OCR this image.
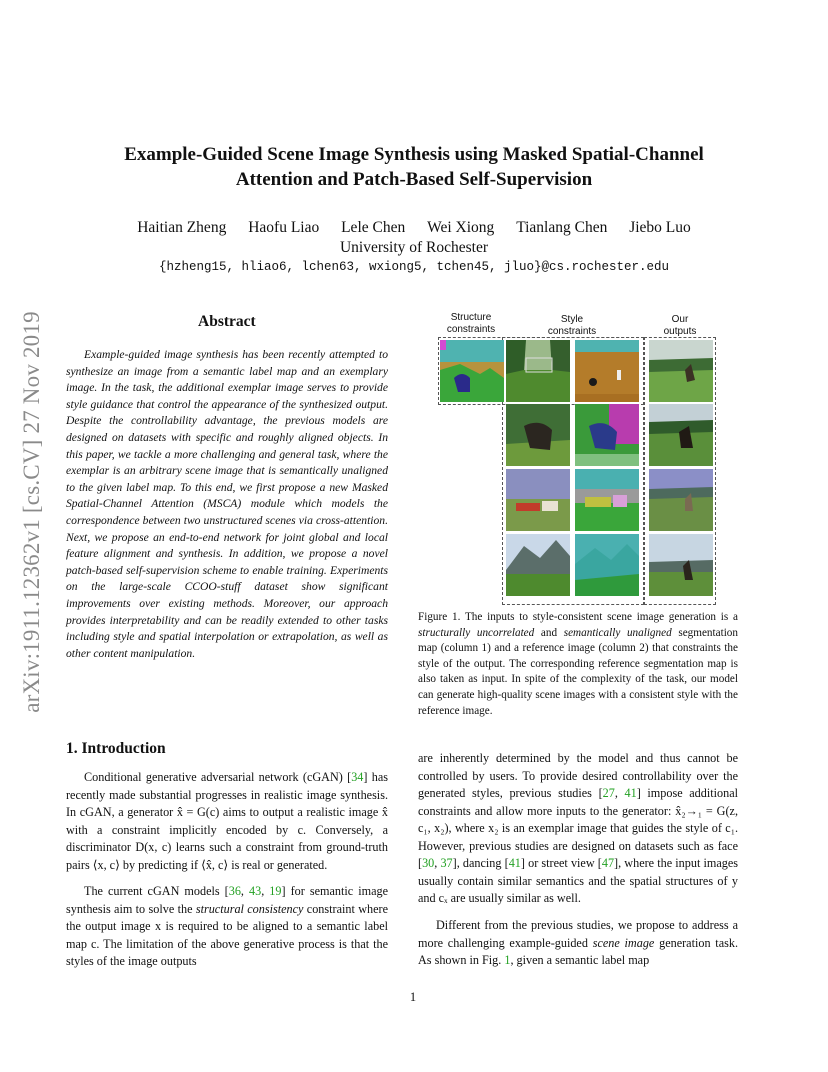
arXiv:1911.12362v1 [cs.CV] 27 Nov 2019
Example-Guided Scene Image Synthesis using Masked Spatial-Channel
Attention and Patch-Based Self-Supervision
Haitian Zheng Haofu Liao Lele Chen Wei Xiong Tianlang Chen Jiebo Luo
University of Rochester
{hzheng15, hliao6, lchen63, wxiong5, tchen45, jluo}@cs.rochester.edu
Abstract

Example-guided image synthesis has been recently attempted to synthesize an image from a semantic label map and an exemplary image. In the task, the additional exemplar image serves to provide style guidance that control the appearance of the synthesized output. Despite the controllability advantage, the previous models are designed on datasets with specific and roughly aligned objects. In this paper, we tackle a more challenging and general task, where the exemplar is an arbitrary scene image that is semantically unaligned to the given label map. To this end, we first propose a new Masked Spatial-Channel Attention (MSCA) module which models the correspondence between two unstructured scenes via cross-attention. Next, we propose an end-to-end network for joint global and local feature alignment and synthesis. In addition, we propose a novel patch-based self-supervision scheme to enable training. Experiments on the large-scale CCOO-stuff dataset show significant improvements over existing methods. Moreover, our approach provides interpretability and can be readily extended to other tasks including style and spatial interpolation or extrapolation, as well as other content manipulation.

Structure
constraints
Style
constraints
Our
outputs

Figure 1. The inputs to style-consistent scene image generation is a structurally uncorrelated and semantically unaligned segmentation map (column 1) and a reference image (column 2) that constraints the style of the output. The corresponding reference segmentation map is also taken as input. In spite of the complexity of the task, our model can generate high-quality scene images with a consistent style with the reference image.

1. Introduction

Conditional generative adversarial network (cGAN) [34] has recently made substantial progresses in realistic image synthesis. In cGAN, a generator x̂ = G(c) aims to output a realistic image x̂ with a constraint implicitly encoded by c. Conversely, a discriminator D(x, c) learns such a constraint from ground-truth pairs ⟨x, c⟩ by predicting if ⟨x̂, c⟩ is real or generated.

The current cGAN models [36, 43, 19] for semantic image synthesis aim to solve the structural consistency constraint where the output image x is required to be aligned to a semantic label map c. The limitation of the above generative process is that the styles of the image outputs

are inherently determined by the model and thus cannot be controlled by users. To provide desired controllability over the generated styles, previous studies [27, 41] impose additional constraints and allow more inputs to the generator: x̂₂→₁ = G(z, c₁, x₂), where x₂ is an exemplar image that guides the style of c₁. However, previous studies are designed on datasets such as face [30, 37], dancing [41] or street view [47], where the input images usually contain similar semantics and the spatial structures of y and cₓ are usually similar as well.

Different from the previous studies, we propose to address a more challenging example-guided scene image generation task. As shown in Fig. 1, given a semantic label map

1
